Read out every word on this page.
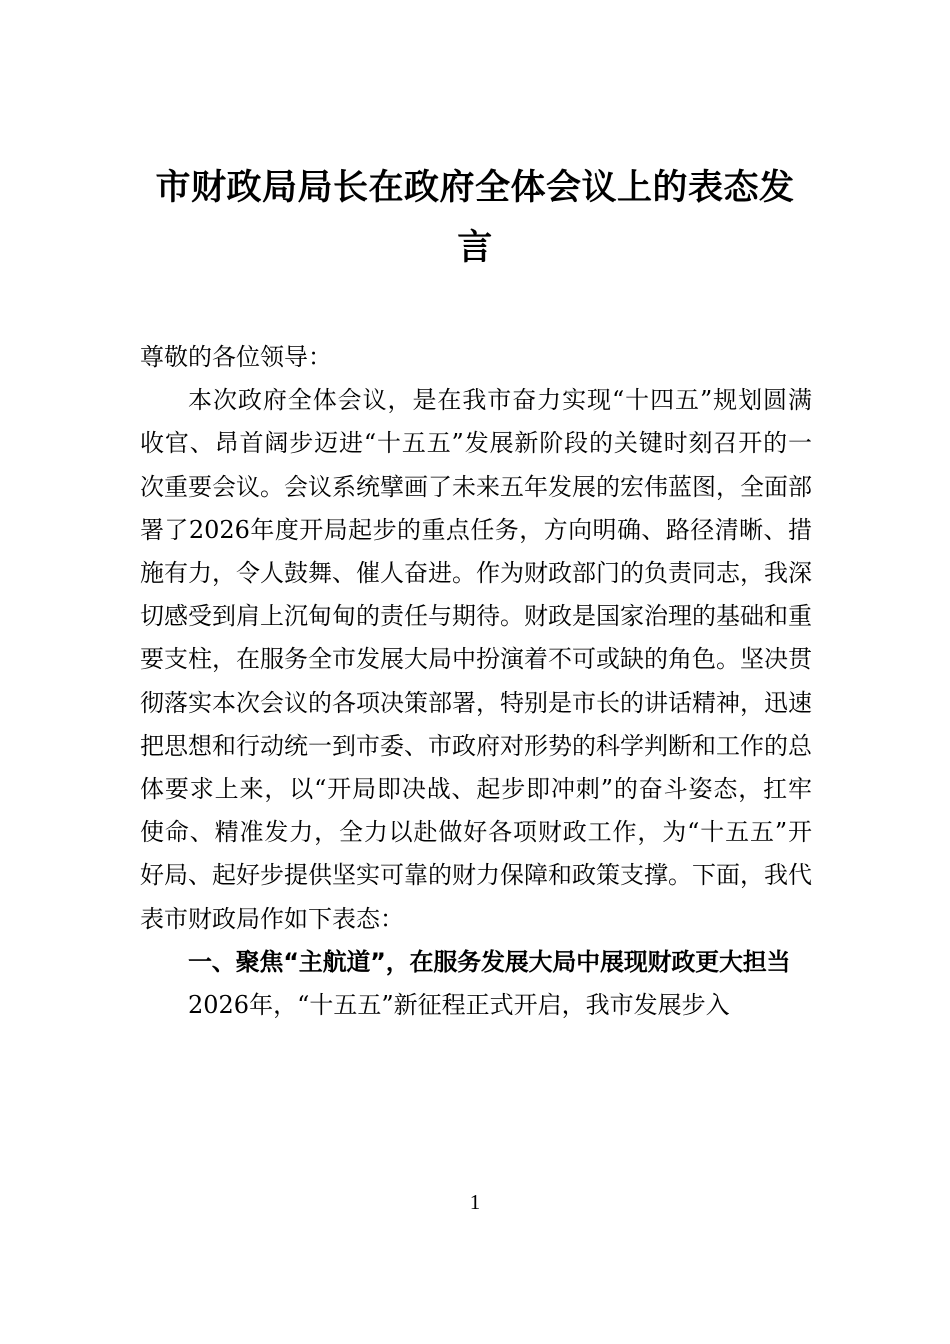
市财政局局长在政府全体会议上的表态发言

尊敬的各位领导：

本次政府全体会议，是在我市奋力实现“十四五”规划圆满收官、昂首阔步迈进“十五五”发展新阶段的关键时刻召开的一次重要会议。会议系统擘画了未来五年发展的宏伟蓝图，全面部署了2026年度开局起步的重点任务，方向明确、路径清晰、措施有力，令人鼓舞、催人奋进。作为财政部门的负责同志，我深切感受到肩上沉甸甸的责任与期待。财政是国家治理的基础和重要支柱，在服务全市发展大局中扮演着不可或缺的角色。坚决贯彻落实本次会议的各项决策部署，特别是市长的讲话精神，迅速把思想和行动统一到市委、市政府对形势的科学判断和工作的总体要求上来，以“开局即决战、起步即冲刺”的奋斗姿态，扛牢使命、精准发力，全力以赴做好各项财政工作，为“十五五”开好局、起好步提供坚实可靠的财力保障和政策支撑。下面，我代表市财政局作如下表态：

一、聚焦“主航道”，在服务发展大局中展现财政更大担当

2026年，“十五五”新征程正式开启，我市发展步入

1
